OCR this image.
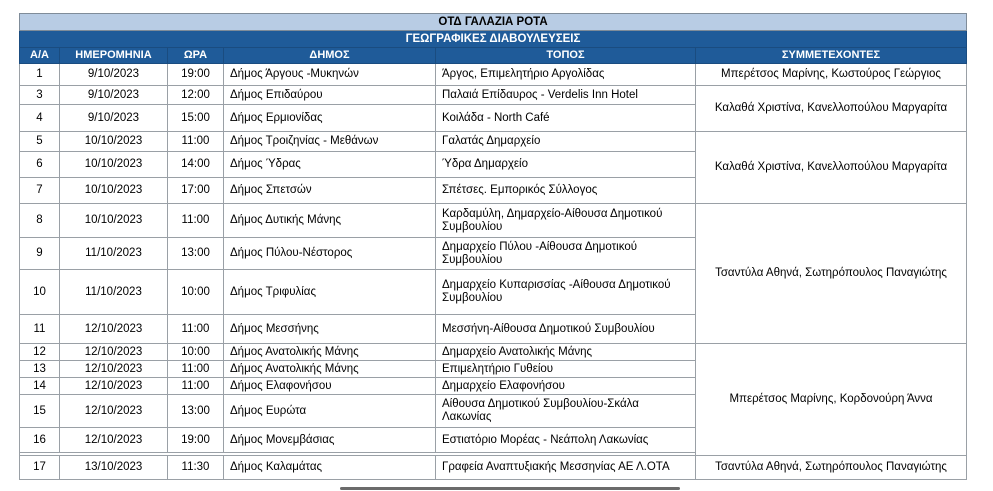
ΟΤΔ ΓΑΛΑΖΙΑ ΡΟΤΑ					
ΓΕΩΓΡΑΦΙΚΕΣ ΔΙΑΒΟΥΛΕΥΣΕΙΣ					
Α/Α	ΗΜΕΡΟΜΗΝΙΑ	ΩΡΑ	ΔΗΜΟΣ	ΤΟΠΟΣ	ΣΥΜΜΕΤΕΧΟΝΤΕΣ
1	9/10/2023	19:00	Δήμος Άργους -Μυκηνών	Άργος, Επιμελητήριο Αργολίδας	Μπερέτσος Μαρίνης, Κωστούρος Γεώργιος
3	9/10/2023	12:00	Δήμος Επιδαύρου	Παλαιά Επίδαυρος - Verdelis Inn Hotel	Καλαθά Χριστίνα, Κανελλοπούλου Μαργαρίτα
4	9/10/2023	15:00	Δήμος Ερμιονίδας	Κοιλάδα - North Café	
5	10/10/2023	11:00	Δήμος Τροιζηνίας - Μεθάνων	Γαλατάς Δημαρχείο	Καλαθά Χριστίνα, Κανελλοπούλου Μαργαρίτα
6	10/10/2023	14:00	Δήμος Ύδρας	Ύδρα Δημαρχείο	
7	10/10/2023	17:00	Δήμος Σπετσών	Σπέτσες. Εμπορικός Σύλλογος	
8	10/10/2023	11:00	Δήμος Δυτικής Μάνης	Καρδαμύλη, Δημαρχείο-Αίθουσα Δημοτικού Συμβουλίου	Τσαντύλα Αθηνά, Σωτηρόπουλος Παναγιώτης
9	11/10/2023	13:00	Δήμος Πύλου-Νέστορος	Δημαρχείο Πύλου -Αίθουσα Δημοτικού Συμβουλίου	
10	11/10/2023	10:00	Δήμος Τριφυλίας	Δημαρχείο Κυπαρισσίας -Αίθουσα Δημοτικού Συμβουλίου	
11	12/10/2023	11:00	Δήμος Μεσσήνης	Μεσσήνη-Αίθουσα Δημοτικού Συμβουλίου	
12	12/10/2023	10:00	Δήμος Ανατολικής Μάνης	Δημαρχείο Ανατολικής Μάνης	Μπερέτσος Μαρίνης, Κορδονούρη Άννα
13	12/10/2023	11:00	Δήμος Ανατολικής Μάνης	Επιμελητήριο Γυθείου	
14	12/10/2023	11:00	Δήμος Ελαφονήσου	Δημαρχείο Ελαφονήσου	
15	12/10/2023	13:00	Δήμος Ευρώτα	Αίθουσα Δημοτικού Συμβουλίου-Σκάλα Λακωνίας	
16	12/10/2023	19:00	Δήμος Μονεμβάσιας	Εστιατόριο Μορέας - Νεάπολη Λακωνίας	

17	13/10/2023	11:30	Δήμος Καλαμάτας	Γραφεία Αναπτυξιακής Μεσσηνίας ΑΕ Λ.ΟΤΑ	Τσαντύλα Αθηνά, Σωτηρόπουλος Παναγιώτης
